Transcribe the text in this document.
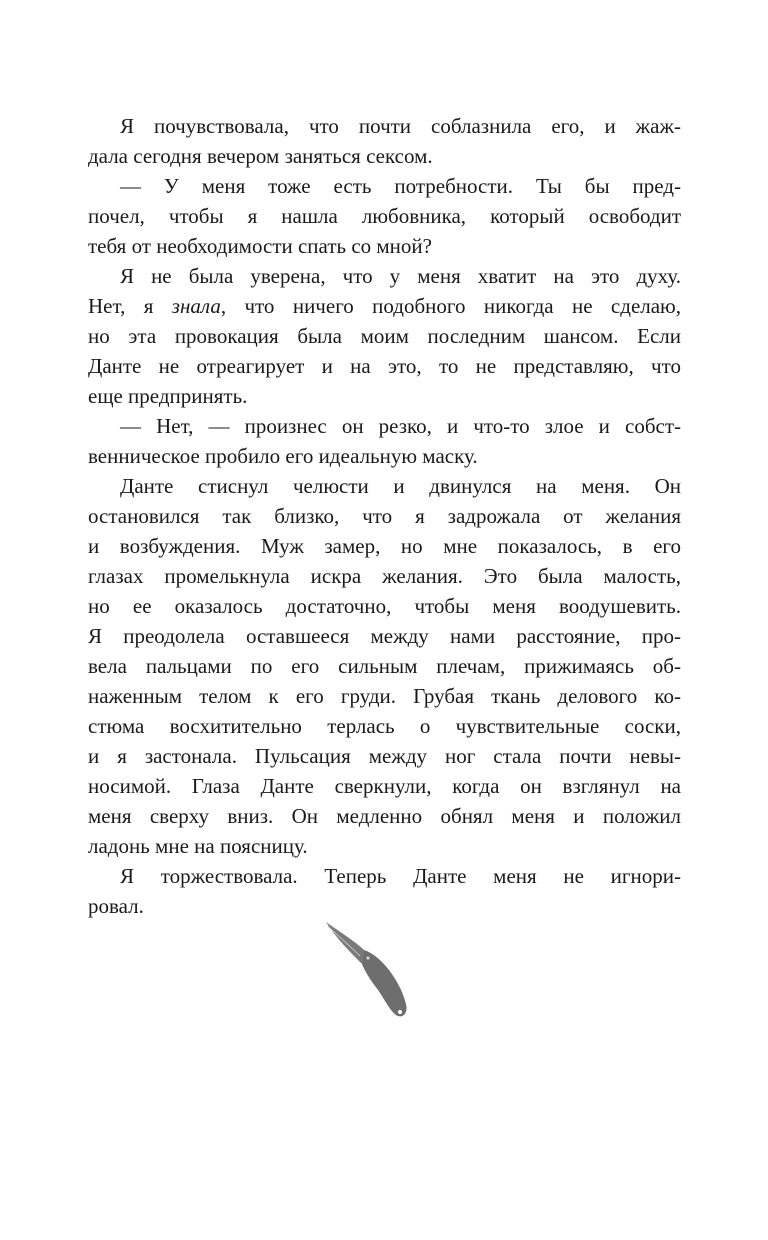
Я почувствовала, что почти соблазнила его, и жаж-
дала сегодня вечером заняться сексом.
— У меня тоже есть потребности. Ты бы пред-
почел, чтобы я нашла любовника, который освободит
тебя от необходимости спать со мной?
Я не была уверена, что у меня хватит на это духу.
Нет, я знала, что ничего подобного никогда не сделаю,
но эта провокация была моим последним шансом. Если
Данте не отреагирует и на это, то не представляю, что
еще предпринять.
— Нет, — произнес он резко, и что-то злое и собст-
венническое пробило его идеальную маску.
Данте стиснул челюсти и двинулся на меня. Он
остановился так близко, что я задрожала от желания
и возбуждения. Муж замер, но мне показалось, в его
глазах промелькнула искра желания. Это была малость,
но ее оказалось достаточно, чтобы меня воодушевить.
Я преодолела оставшееся между нами расстояние, про-
вела пальцами по его сильным плечам, прижимаясь об-
наженным телом к его груди. Грубая ткань делового ко-
стюма восхитительно терлась о чувствительные соски,
и я застонала. Пульсация между ног стала почти невы-
носимой. Глаза Данте сверкнули, когда он взглянул на
меня сверху вниз. Он медленно обнял меня и положил
ладонь мне на поясницу.
Я торжествовала. Теперь Данте меня не игнори-
ровал.
